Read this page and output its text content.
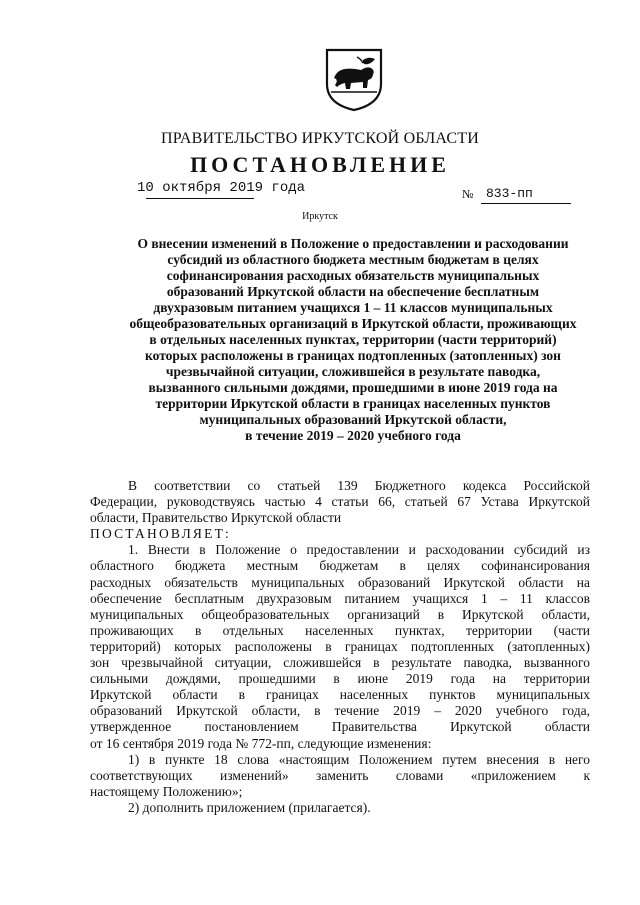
ПРАВИТЕЛЬСТВО ИРКУТСКОЙ ОБЛАСТИ
ПОСТАНОВЛЕНИЕ
10 октября 2019 года	№ 833-пп
Иркутск
О внесении изменений в Положение о предоставлении и расходовании
субсидий из областного бюджета местным бюджетам в целях
софинансирования расходных обязательств муниципальных
образований Иркутской области на обеспечение бесплатным
двухразовым питанием учащихся 1 – 11 классов муниципальных
общеобразовательных организаций в Иркутской области, проживающих
в отдельных населенных пунктах, территории (части территорий)
которых расположены в границах подтопленных (затопленных) зон
чрезвычайной ситуации, сложившейся в результате паводка,
вызванного сильными дождями, прошедшими в июне 2019 года на
территории Иркутской области в границах населенных пунктов
муниципальных образований Иркутской области,
в течение 2019 – 2020 учебного года
В соответствии со статьей 139 Бюджетного кодекса Российской
Федерации, руководствуясь частью 4 статьи 66, статьей 67 Устава Иркутской
области, Правительство Иркутской области
ПОСТАНОВЛЯЕТ:
1. Внести в Положение о предоставлении и расходовании субсидий из
областного бюджета местным бюджетам в целях софинансирования
расходных обязательств муниципальных образований Иркутской области на
обеспечение бесплатным двухразовым питанием учащихся 1 – 11 классов
муниципальных общеобразовательных организаций в Иркутской области,
проживающих в отдельных населенных пунктах, территории (части
территорий) которых расположены в границах подтопленных (затопленных)
зон чрезвычайной ситуации, сложившейся в результате паводка, вызванного
сильными дождями, прошедшими в июне 2019 года на территории
Иркутской области в границах населенных пунктов муниципальных
образований Иркутской области, в течение 2019 – 2020 учебного года,
утвержденное постановлением Правительства Иркутской области
от 16 сентября 2019 года № 772-пп, следующие изменения:
1) в пункте 18 слова «настоящим Положением путем внесения в него
соответствующих изменений» заменить словами «приложением к
настоящему Положению»;
2) дополнить приложением (прилагается).
